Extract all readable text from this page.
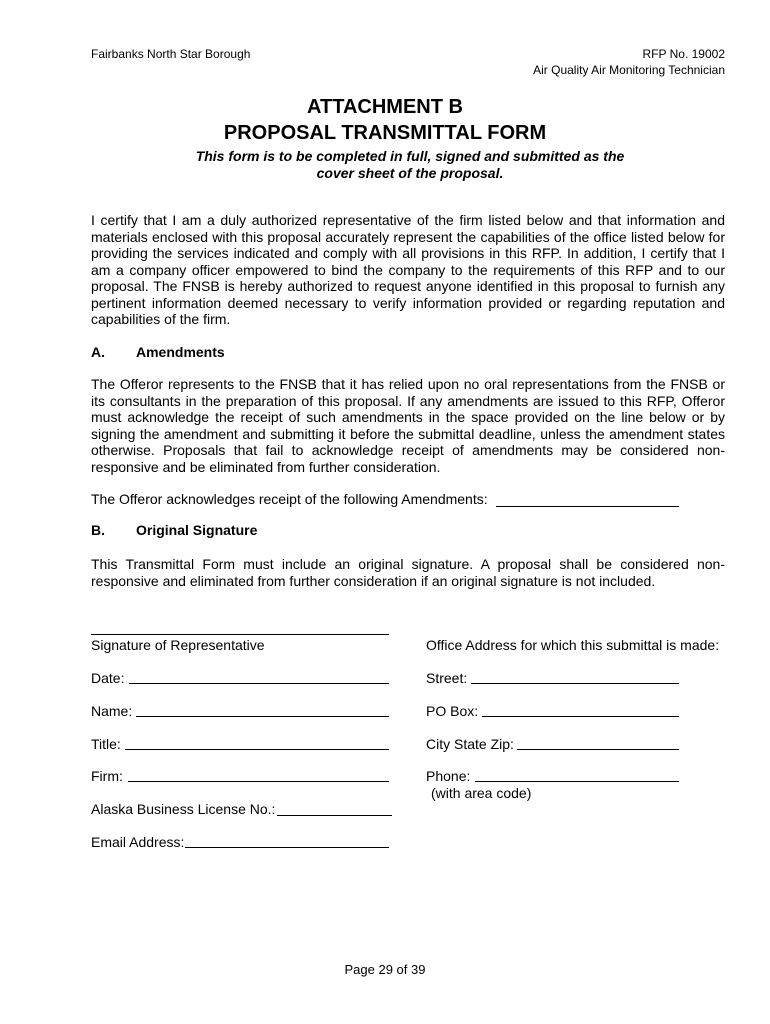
Fairbanks North Star Borough	RFP No. 19002
Air Quality Air Monitoring Technician
ATTACHMENT B
PROPOSAL TRANSMITTAL FORM
This form is to be completed in full, signed and submitted as the
cover sheet of the proposal.

I certify that I am a duly authorized representative of the firm listed below and that information and materials enclosed with this proposal accurately represent the capabilities of the office listed below for providing the services indicated and comply with all provisions in this RFP. In addition, I certify that I am a company officer empowered to bind the company to the requirements of this RFP and to our proposal. The FNSB is hereby authorized to request anyone identified in this proposal to furnish any pertinent information deemed necessary to verify information provided or regarding reputation and capabilities of the firm.

A. Amendments

The Offeror represents to the FNSB that it has relied upon no oral representations from the FNSB or its consultants in the preparation of this proposal. If any amendments are issued to this RFP, Offeror must acknowledge the receipt of such amendments in the space provided on the line below or by signing the amendment and submitting it before the submittal deadline, unless the amendment states otherwise. Proposals that fail to acknowledge receipt of amendments may be considered non-responsive and be eliminated from further consideration.

The Offeror acknowledges receipt of the following Amendments:
B. Original Signature

This Transmittal Form must include an original signature. A proposal shall be considered non-responsive and eliminated from further consideration if an original signature is not included.

Signature of Representative
Date:
Name:
Title:
Firm:
Alaska Business License No.:
Email Address:
Office Address for which this submittal is made:
Street:
PO Box:
City State Zip:
Phone:
(with area code)
Page 29 of 39
